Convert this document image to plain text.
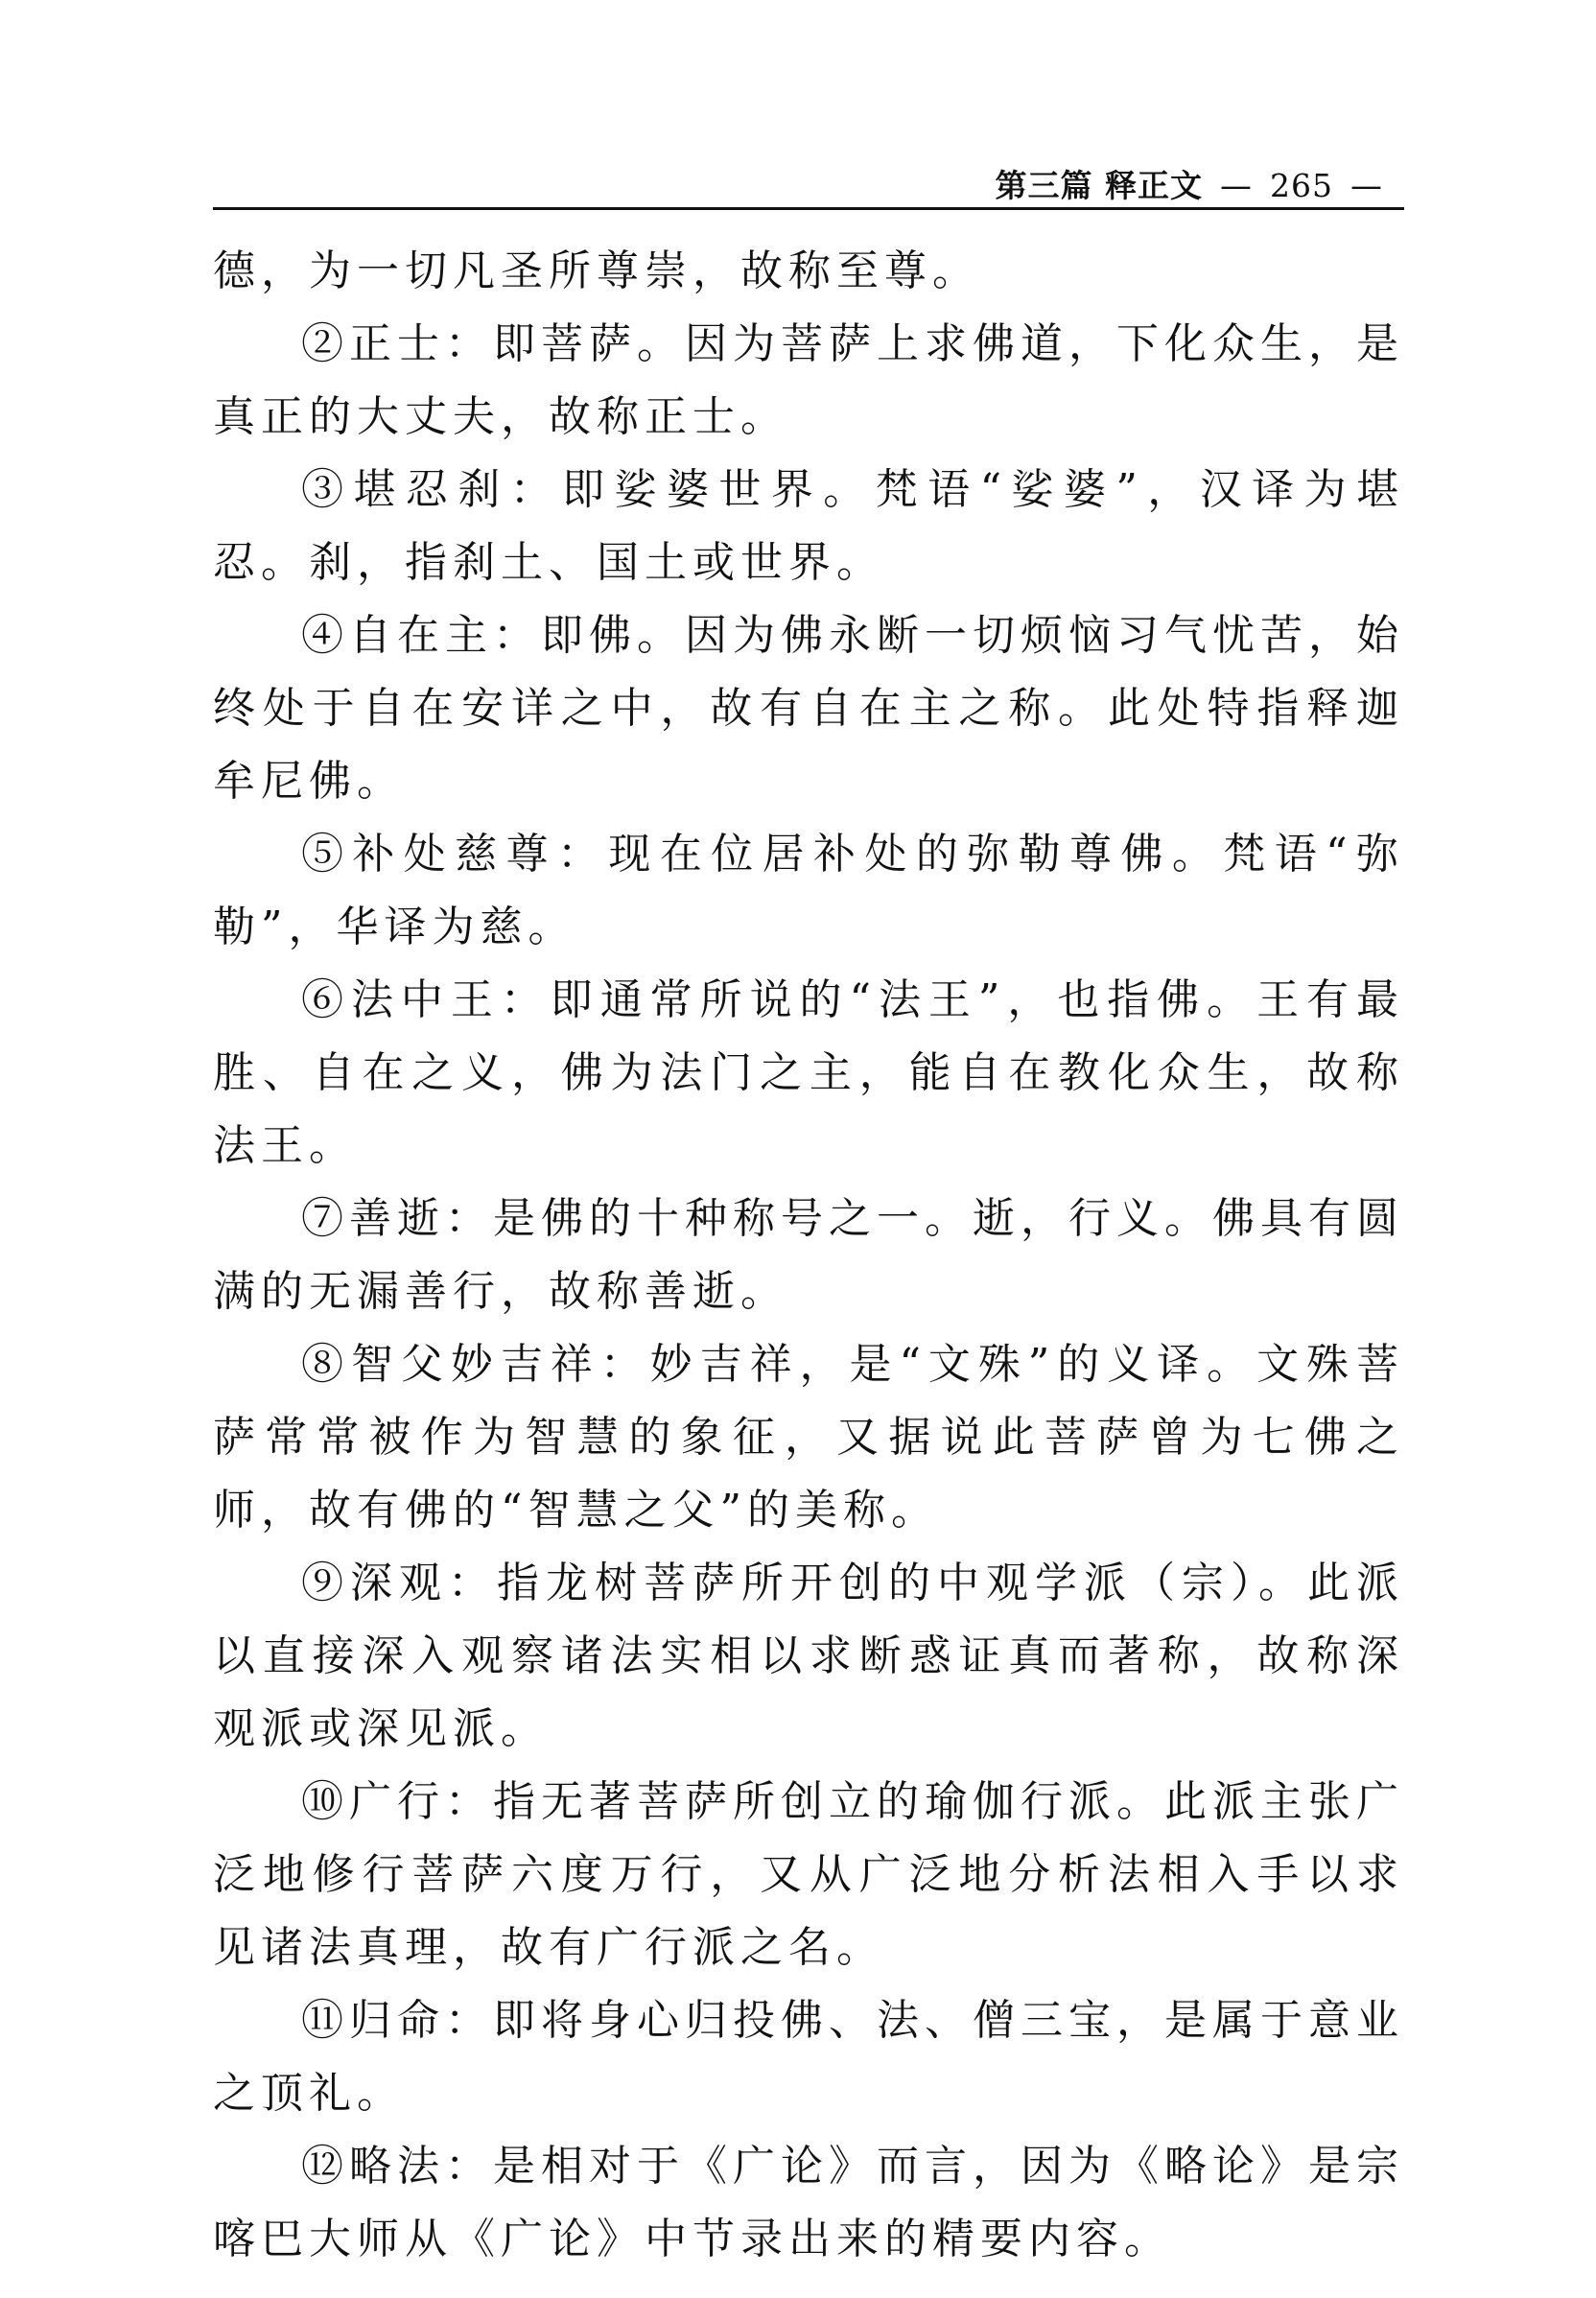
第三篇 释正文 — 265 —

德，为一切凡圣所尊崇，故称至尊。

②正士：即菩萨。因为菩萨上求佛道，下化众生，是真正的大丈夫，故称正士。

③堪忍刹：即娑婆世界。梵语“娑婆”，汉译为堪忍。刹，指刹土、国土或世界。

④自在主：即佛。因为佛永断一切烦恼习气忧苦，始终处于自在安详之中，故有自在主之称。此处特指释迦牟尼佛。

⑤补处慈尊：现在位居补处的弥勒尊佛。梵语“弥勒”，华译为慈。

⑥法中王：即通常所说的“法王”，也指佛。王有最胜、自在之义，佛为法门之主，能自在教化众生，故称法王。

⑦善逝：是佛的十种称号之一。逝，行义。佛具有圆满的无漏善行，故称善逝。

⑧智父妙吉祥：妙吉祥，是“文殊”的义译。文殊菩萨常常被作为智慧的象征，又据说此菩萨曾为七佛之师，故有佛的“智慧之父”的美称。

⑨深观：指龙树菩萨所开创的中观学派（宗）。此派以直接深入观察诸法实相以求断惑证真而著称，故称深观派或深见派。

⑩广行：指无著菩萨所创立的瑜伽行派。此派主张广泛地修行菩萨六度万行，又从广泛地分析法相入手以求见诸法真理，故有广行派之名。

⑪归命：即将身心归投佛、法、僧三宝，是属于意业之顶礼。

⑫略法：是相对于《广论》而言，因为《略论》是宗喀巴大师从《广论》中节录出来的精要内容。
